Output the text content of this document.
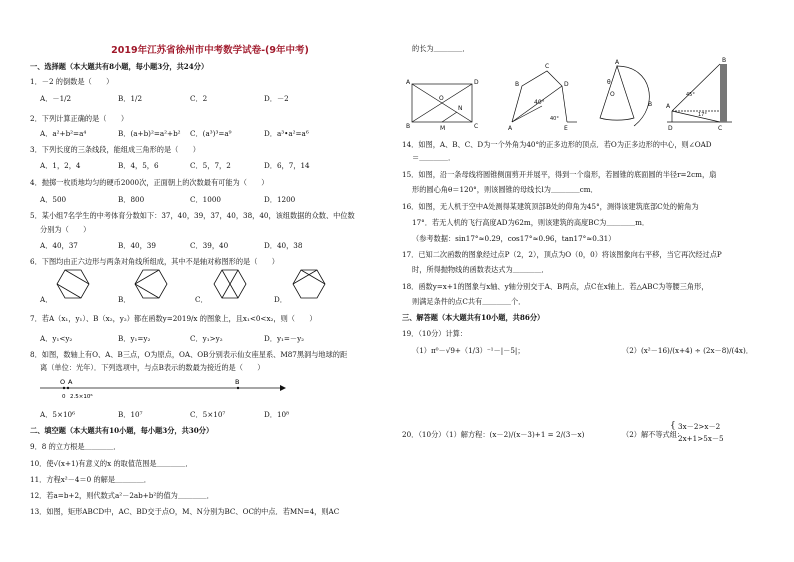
2019年江苏省徐州市中考数学试卷-(9年中考)
一、选择题（本大题共有8小题，每小题3分，共24分）
1．－2 的倒数是（　　）
A．－1/2	B．1/2	C．2	D．－2
2．下列计算正确的是（　　）
A．a²+b²=a⁴	B．(a+b)²=a²+b² C．(a³)³=a⁹	D．a³•a²=a⁶
3．下列长度的三条线段，能组成三角形的是（　　）
A．1，2，4	B．4，5，6	C．5，7，2	D．6，7，14
4．抛掷一枚质地均匀的硬币2000次，正面朝上的次数最有可能为（　　）
A．500	B．800	C．1000	D．1200
5．某小组7名学生的中考体育分数如下：37，40，39，37，40，38，40，该组数据的众数、中位数
分别为（　　）
A．40，37	B．40，39	C．39，40	D．40，38
6．下图均由正六边形与两条对角线所组成，其中不是轴对称图形的是（　　）
A．	B．	C．	D．
7．若A（x₁，y₁）、B（x₂，y₂）都在函数y=2019/x 的图象上，且x₁<0<x₂，则（　　）
A．y₁<y₂	B．y₁=y₂	C．y₁>y₂	D．y₁=－y₂
8．如图，数轴上有O、A、B三点，O为原点，OA、OB分别表示仙女座星系、M87黑洞与地球的距
离（单位：光年）．下列选项中，与点B表示的数最为接近的是（　　）
O A	B
0 2.5×10⁶
A．5×10⁶	B．10⁷	C．5×10⁷	D．10⁸
二、填空题（本大题共有10小题，每小题3分，共30分）
9．8 的立方根是＿＿＿＿．
10．使√(x+1)有意义的x 的取值范围是＿＿＿＿．
11．方程x²－4＝0 的解是＿＿＿＿．
12．若a=b+2，则代数式a²－2ab+b²的值为＿＿＿＿．
13．如图，矩形ABCD中，AC、BD交于点O，M、N分别为BC、OC的中点．若MN=4，则AC
的长为＿＿＿＿．
A	D
B	M	C
N
O
A
B
C
D
E
40°
40°
A
O
θ
B A
45°
17°
D	C
B
14．如图，A、B、C、D为一个外角为40°的正多边形的顶点．若O为正多边形的中心，则∠OAD
＝＿＿＿＿．
15．如图，沿一条母线将圆锥侧面剪开并展平，得到一个扇形，若圆锥的底面圆的半径r=2cm，扇
形的圆心角θ＝120°，则该圆锥的母线长l为＿＿＿＿cm．
16．如图，无人机于空中A处测得某建筑顶部B处的仰角为45°，测得该建筑底部C处的俯角为
17°．若无人机的飞行高度AD为62m，则该建筑的高度BC为＿＿＿＿m．
（参考数据：sin17°≈0.29，cos17°≈0.96，tan17°≈0.31）
17．已知二次函数的图象经过点P（2，2），顶点为O（0，0）将该图象向右平移，当它再次经过点P
时，所得抛物线的函数表达式为＿＿＿＿．
18．函数y=x+1的图象与x轴、y轴分别交于A、B两点，点C在x轴上．若△ABC为等腰三角形，
则满足条件的点C共有＿＿＿＿个．
三、解答题（本大题共有10小题，共86分）
19．（10分）计算：
（1）π⁰－√9+（1/3）⁻¹－|－5|；	（2）(x²－16)/(x+4) ÷ (2x－8)/(4x)．
20．（10分）（1）解方程：(x－2)/(x－3)+1 = 2/(3－x)	（2）解不等式组：
{ 3x－2>x－2
2x+1>5x－5
